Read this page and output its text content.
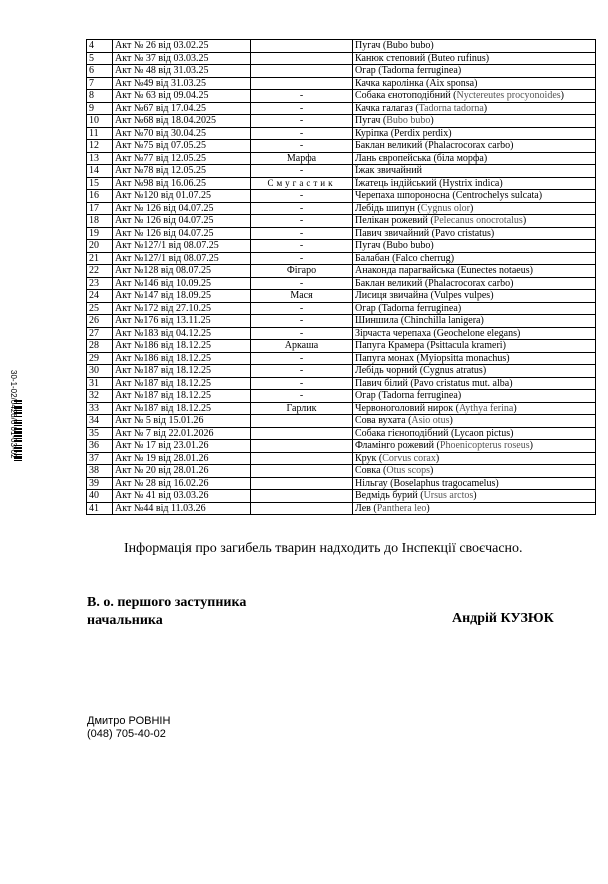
30-1-02/0426/6 01-03-02
4	Акт № 26 від 03.02.25		Пугач (Bubo bubo)
5	Акт № 37 від 03.03.25		Канюк степовий (Buteo rufinus)
6	Акт № 48 від 31.03.25		Огар (Tadorna ferruginea)
7	Акт №49 від 31.03.25		Качка каролінка (Aix sponsa)
8	Акт № 63 від 09.04.25	-	Собака єнотоподібний (Nyctereutes procyonoides)
9	Акт №67 від 17.04.25	-	Качка галагаз (Tadorna tadorna)
10	Акт №68 від 18.04.2025	-	Пугач (Bubo bubo)
11	Акт №70 від 30.04.25	-	Куріпка (Perdix perdix)
12	Акт №75 від 07.05.25	-	Баклан великий (Phalacrocorax carbo)
13	Акт №77 від 12.05.25	Марфа	Лань європейська (біла морфа)
14	Акт №78 від 12.05.25	-	Їжак звичайний
15	Акт №98 від 16.06.25	Смугастик	Їжатець індійський (Hystrix indica)
16	Акт №120 від 01.07.25	-	Черепаха шпороносна (Centrochelys sulcata)
17	Акт № 126 від 04.07.25	-	Лебідь шипун (Cygnus olor)
18	Акт № 126 від 04.07.25	-	Пелікан рожевий (Pelecanus onocrotalus)
19	Акт № 126 від 04.07.25	-	Павич звичайний (Pavo cristatus)
20	Акт №127/1 від 08.07.25	-	Пугач (Bubo bubo)
21	Акт №127/1 від 08.07.25	-	Балабан (Falco cherrug)
22	Акт №128 від 08.07.25	Фігаро	Анаконда парагвайська (Eunectes notaeus)
23	Акт №146 від 10.09.25	-	Баклан великий (Phalacrocorax carbo)
24	Акт №147 від 18.09.25	Мася	Лисиця звичайна (Vulpes vulpes)
25	Акт №172 від 27.10.25	-	Огар (Tadorna ferruginea)
26	Акт №176 від 13.11.25	-	Шиншила (Chinchilla lanigera)
27	Акт №183 від 04.12.25	-	Зірчаста черепаха (Geochelone elegans)
28	Акт №186 від 18.12.25	Аркаша	Папуга Крамера (Psittacula krameri)
29	Акт №186 від 18.12.25	-	Папуга монах (Myiopsitta monachus)
30	Акт №187 від 18.12.25	-	Лебідь чорний (Cygnus atratus)
31	Акт №187 від 18.12.25	-	Павич білий (Pavo cristatus mut. alba)
32	Акт №187 від 18.12.25	-	Огар (Tadorna ferruginea)
33	Акт №187 від 18.12.25	Гарлик	Червоноголовий нирок (Aythya ferina)
34	Акт № 5 від 15.01.26		Сова вухата (Asio otus)
35	Акт № 7 від 22.01.2026		Собака гієноподібний (Lycaon pictus)
36	Акт № 17 від 23.01.26		Фламінго рожевий (Phoenicopterus roseus)
37	Акт № 19 від 28.01.26		Крук (Corvus corax)
38	Акт № 20 від 28.01.26		Совка (Otus scops)
39	Акт № 28 від 16.02.26		Нільгау (Boselaphus tragocamelus)
40	Акт № 41 від 03.03.26		Ведмідь бурий (Ursus arctos)
41	Акт №44 від 11.03.26		Лев (Panthera leo)
Інформація про загибель тварин надходить до Інспекції своєчасно.
В. о. першого заступника
начальника	Андрій КУЗЮК
Дмитро РОВНІН
(048) 705-40-02
